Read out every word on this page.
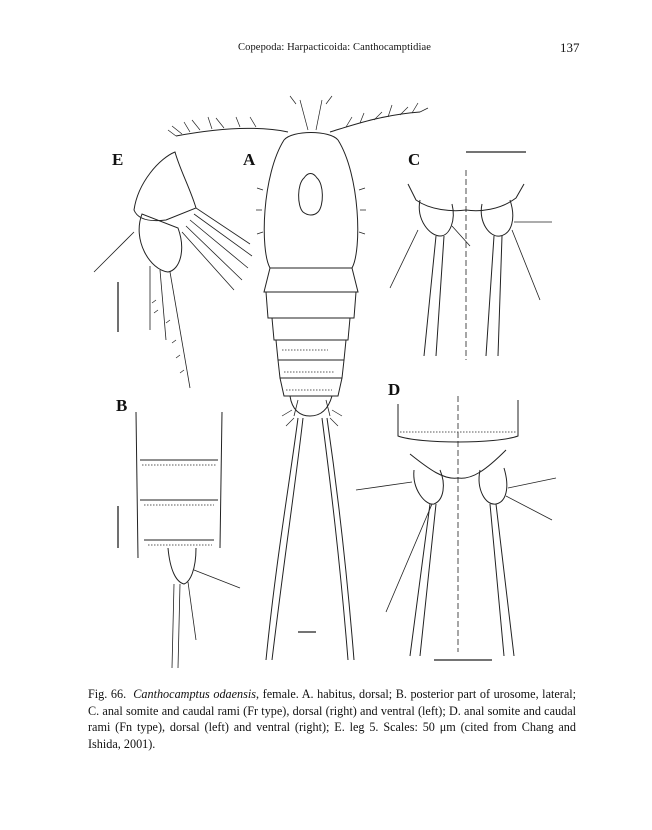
Copepoda: Harpacticoida: Canthocamptidiae	137
E	A	C
B
D

Fig. 66. Canthocamptus odaensis, female. A. habitus, dorsal; B. posterior part of urosome, lateral; C. anal somite and caudal rami (Fr type), dorsal (right) and ventral (left); D. anal somite and caudal rami (Fn type), dorsal (left) and ventral (right); E. leg 5. Scales: 50 μm (cited from Chang and Ishida, 2001).
